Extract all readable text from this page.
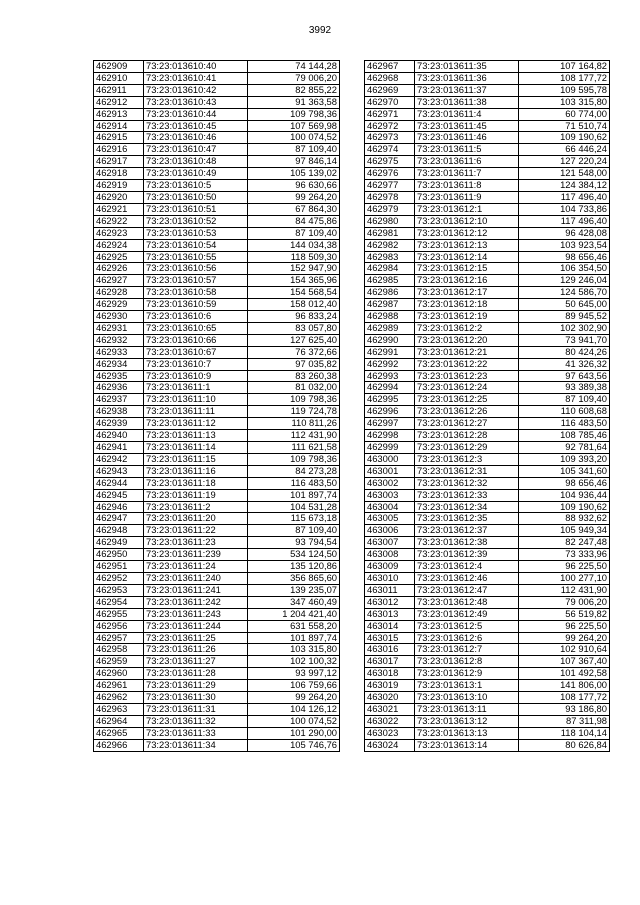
3992
462909	73:23:013610:40	74 144,28
462910	73:23:013610:41	79 006,20
462911	73:23:013610:42	82 855,22
462912	73:23:013610:43	91 363,58
462913	73:23:013610:44	109 798,36
462914	73:23:013610:45	107 569,98
462915	73:23:013610:46	100 074,52
462916	73:23:013610:47	87 109,40
462917	73:23:013610:48	97 846,14
462918	73:23:013610:49	105 139,02
462919	73:23:013610:5	96 630,66
462920	73:23:013610:50	99 264,20
462921	73:23:013610:51	67 864,30
462922	73:23:013610:52	84 475,86
462923	73:23:013610:53	87 109,40
462924	73:23:013610:54	144 034,38
462925	73:23:013610:55	118 509,30
462926	73:23:013610:56	152 947,90
462927	73:23:013610:57	154 365,96
462928	73:23:013610:58	154 568,54
462929	73:23:013610:59	158 012,40
462930	73:23:013610:6	96 833,24
462931	73:23:013610:65	83 057,80
462932	73:23:013610:66	127 625,40
462933	73:23:013610:67	76 372,66
462934	73:23:013610:7	97 035,82
462935	73:23:013610:9	83 260,38
462936	73:23:013611:1	81 032,00
462937	73:23:013611:10	109 798,36
462938	73:23:013611:11	119 724,78
462939	73:23:013611:12	110 811,26
462940	73:23:013611:13	112 431,90
462941	73:23:013611:14	111 621,58
462942	73:23:013611:15	109 798,36
462943	73:23:013611:16	84 273,28
462944	73:23:013611:18	116 483,50
462945	73:23:013611:19	101 897,74
462946	73:23:013611:2	104 531,28
462947	73:23:013611:20	115 673,18
462948	73:23:013611:22	87 109,40
462949	73:23:013611:23	93 794,54
462950	73:23:013611:239	534 124,50
462951	73:23:013611:24	135 120,86
462952	73:23:013611:240	356 865,60
462953	73:23:013611:241	139 235,07
462954	73:23:013611:242	347 460,49
462955	73:23:013611:243	1 204 421,40
462956	73:23:013611:244	631 558,20
462957	73:23:013611:25	101 897,74
462958	73:23:013611:26	103 315,80
462959	73:23:013611:27	102 100,32
462960	73:23:013611:28	93 997,12
462961	73:23:013611:29	106 759,66
462962	73:23:013611:30	99 264,20
462963	73:23:013611:31	104 126,12
462964	73:23:013611:32	100 074,52
462965	73:23:013611:33	101 290,00
462966	73:23:013611:34	105 746,76
462967	73:23:013611:35	107 164,82
462968	73:23:013611:36	108 177,72
462969	73:23:013611:37	109 595,78
462970	73:23:013611:38	103 315,80
462971	73:23:013611:4	60 774,00
462972	73:23:013611:45	71 510,74
462973	73:23:013611:46	109 190,62
462974	73:23:013611:5	66 446,24
462975	73:23:013611:6	127 220,24
462976	73:23:013611:7	121 548,00
462977	73:23:013611:8	124 384,12
462978	73:23:013611:9	117 496,40
462979	73:23:013612:1	104 733,86
462980	73:23:013612:10	117 496,40
462981	73:23:013612:12	96 428,08
462982	73:23:013612:13	103 923,54
462983	73:23:013612:14	98 656,46
462984	73:23:013612:15	106 354,50
462985	73:23:013612:16	129 246,04
462986	73:23:013612:17	124 586,70
462987	73:23:013612:18	50 645,00
462988	73:23:013612:19	89 945,52
462989	73:23:013612:2	102 302,90
462990	73:23:013612:20	73 941,70
462991	73:23:013612:21	80 424,26
462992	73:23:013612:22	41 326,32
462993	73:23:013612:23	97 643,56
462994	73:23:013612:24	93 389,38
462995	73:23:013612:25	87 109,40
462996	73:23:013612:26	110 608,68
462997	73:23:013612:27	116 483,50
462998	73:23:013612:28	108 785,46
462999	73:23:013612:29	92 781,64
463000	73:23:013612:3	109 393,20
463001	73:23:013612:31	105 341,60
463002	73:23:013612:32	98 656,46
463003	73:23:013612:33	104 936,44
463004	73:23:013612:34	109 190,62
463005	73:23:013612:35	88 932,62
463006	73:23:013612:37	105 949,34
463007	73:23:013612:38	82 247,48
463008	73:23:013612:39	73 333,96
463009	73:23:013612:4	96 225,50
463010	73:23:013612:46	100 277,10
463011	73:23:013612:47	112 431,90
463012	73:23:013612:48	79 006,20
463013	73:23:013612:49	56 519,82
463014	73:23:013612:5	96 225,50
463015	73:23:013612:6	99 264,20
463016	73:23:013612:7	102 910,64
463017	73:23:013612:8	107 367,40
463018	73:23:013612:9	101 492,58
463019	73:23:013613:1	141 806,00
463020	73:23:013613:10	108 177,72
463021	73:23:013613:11	93 186,80
463022	73:23:013613:12	87 311,98
463023	73:23:013613:13	118 104,14
463024	73:23:013613:14	80 626,84
